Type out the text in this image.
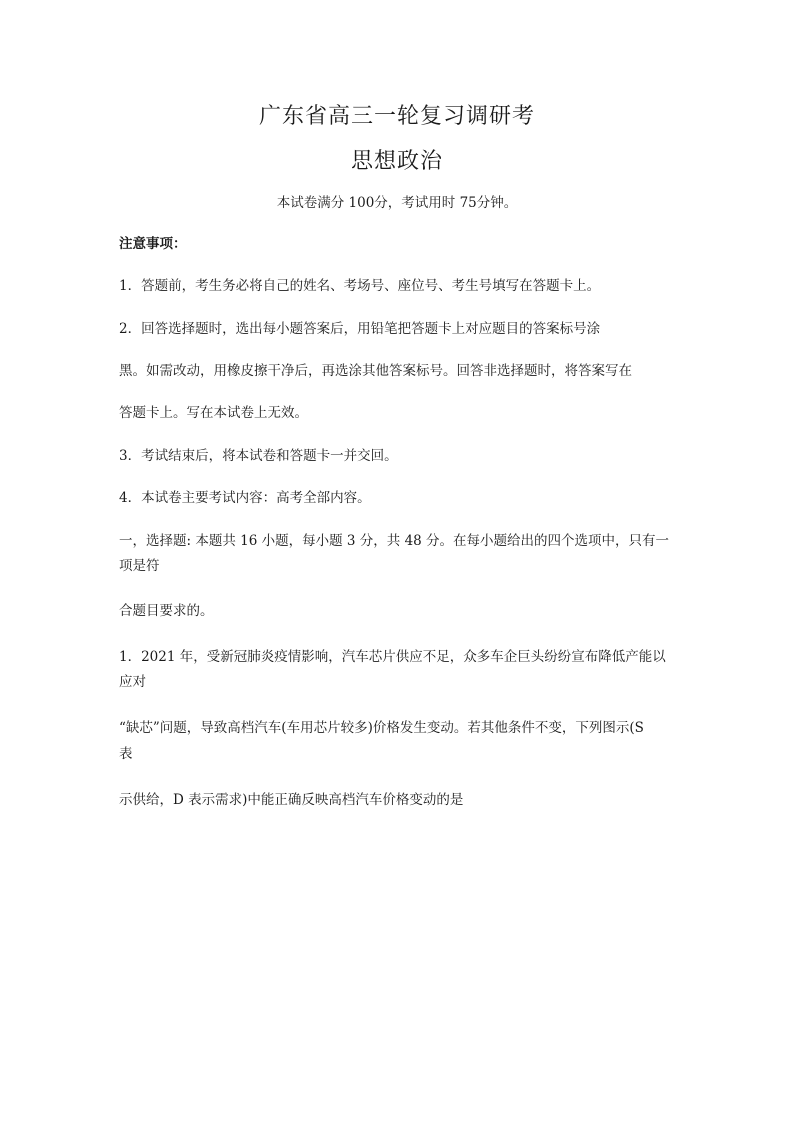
广东省高三一轮复习调研考
思想政治
本试卷满分 100分，考试用时 75分钟。
注意事项：
1．答题前，考生务必将自己的姓名、考场号、座位号、考生号填写在答题卡上。
2．回答选择题时，选出每小题答案后，用铅笔把答题卡上对应题目的答案标号涂
黑。如需改动，用橡皮擦干净后，再选涂其他答案标号。回答非选择题时，将答案写在
答题卡上。写在本试卷上无效。
3．考试结束后，将本试卷和答题卡一并交回。
4．本试卷主要考试内容：高考全部内容。
一，选择题: 本题共 16 小题，每小题 3 分，共 48 分。在每小题给出的四个选项中，只有一
项是符
合题目要求的。
1．2021 年，受新冠肺炎疫情影响，汽车芯片供应不足，众多车企巨头纷纷宣布降低产能以
应对
“缺芯”问题，导致高档汽车(车用芯片较多)价格发生变动。若其他条件不变，下列图示(S
表
示供给，D 表示需求)中能正确反映高档汽车价格变动的是
